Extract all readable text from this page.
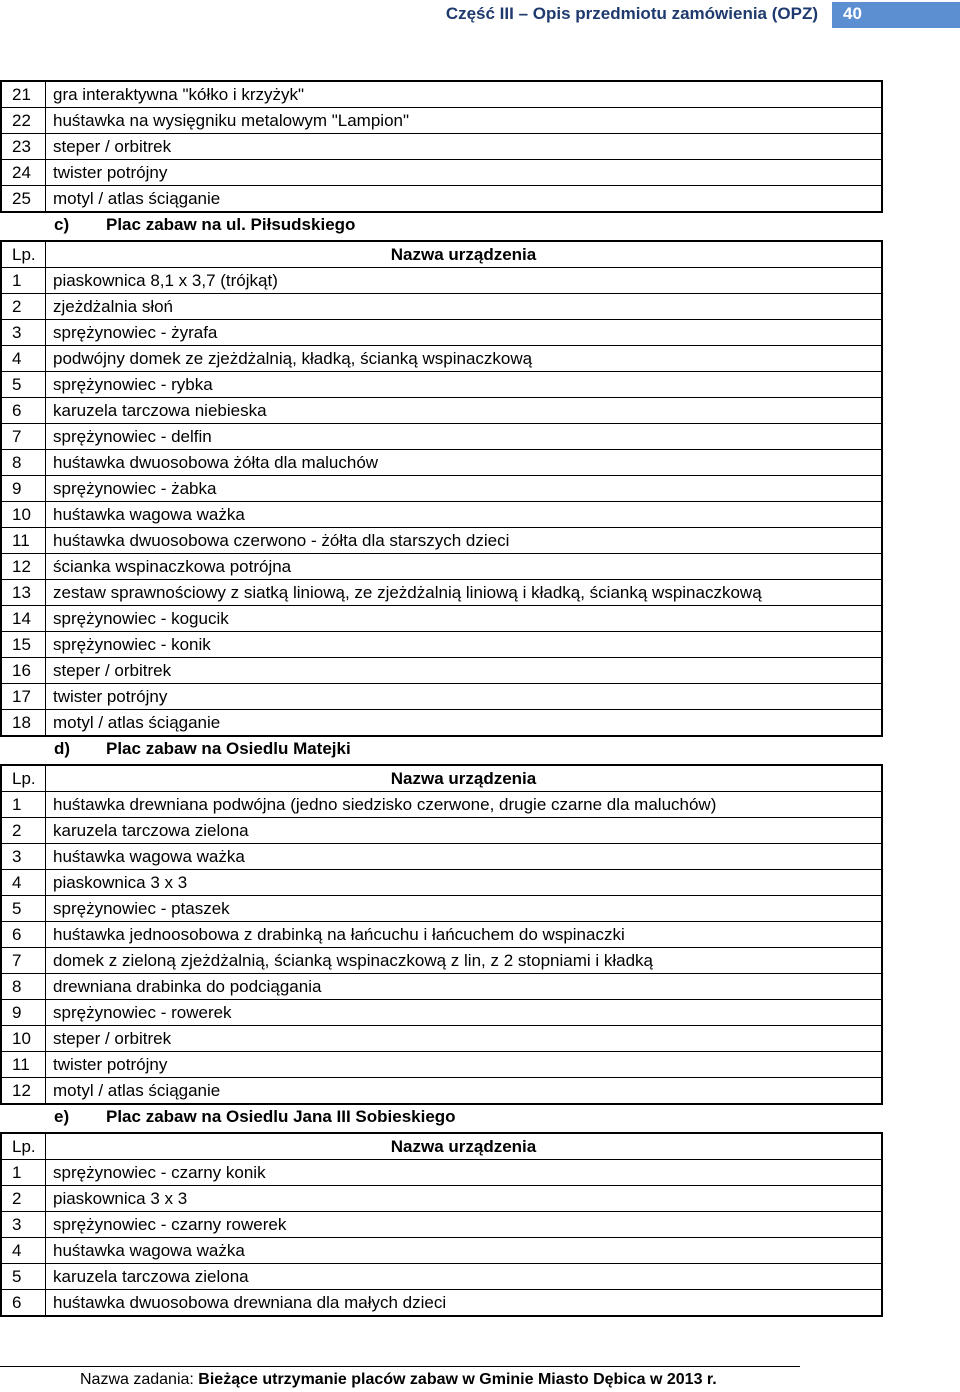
Część III – Opis przedmiotu zamówienia (OPZ) 40
21	gra interaktywna "kółko i krzyżyk"
22	huśtawka na wysięgniku metalowym "Lampion"
23	steper / orbitrek
24	twister potrójny
25	motyl / atlas ściąganie
c) Plac zabaw na ul. Piłsudskiego
Lp.	Nazwa urządzenia
1	piaskownica 8,1 x 3,7 (trójkąt)
2	zjeżdżalnia słoń
3	sprężynowiec - żyrafa
4	podwójny domek ze zjeżdżalnią, kładką, ścianką wspinaczkową
5	sprężynowiec - rybka
6	karuzela tarczowa niebieska
7	sprężynowiec - delfin
8	huśtawka dwuosobowa żółta dla maluchów
9	sprężynowiec - żabka
10	huśtawka wagowa ważka
11	huśtawka dwuosobowa czerwono - żółta dla starszych dzieci
12	ścianka wspinaczkowa potrójna
13	zestaw sprawnościowy z siatką liniową, ze zjeżdżalnią liniową i kładką, ścianką wspinaczkową
14	sprężynowiec - kogucik
15	sprężynowiec - konik
16	steper / orbitrek
17	twister potrójny
18	motyl / atlas ściąganie
d) Plac zabaw na Osiedlu Matejki
Lp.	Nazwa urządzenia
1	huśtawka drewniana podwójna (jedno siedzisko czerwone, drugie czarne dla maluchów)
2	karuzela tarczowa zielona
3	huśtawka wagowa ważka
4	piaskownica 3 x 3
5	sprężynowiec - ptaszek
6	huśtawka jednoosobowa z drabinką na łańcuchu i łańcuchem do wspinaczki
7	domek z zieloną zjeżdżalnią, ścianką wspinaczkową z lin, z 2 stopniami i kładką
8	drewniana drabinka do podciągania
9	sprężynowiec - rowerek
10	steper / orbitrek
11	twister potrójny
12	motyl / atlas ściąganie
e) Plac zabaw na Osiedlu Jana III Sobieskiego
Lp.	Nazwa urządzenia
1	sprężynowiec - czarny konik
2	piaskownica 3 x 3
3	sprężynowiec - czarny rowerek
4	huśtawka wagowa ważka
5	karuzela tarczowa zielona
6	huśtawka dwuosobowa drewniana dla małych dzieci
Nazwa zadania: Bieżące utrzymanie placów zabaw w Gminie Miasto Dębica w 2013 r.
